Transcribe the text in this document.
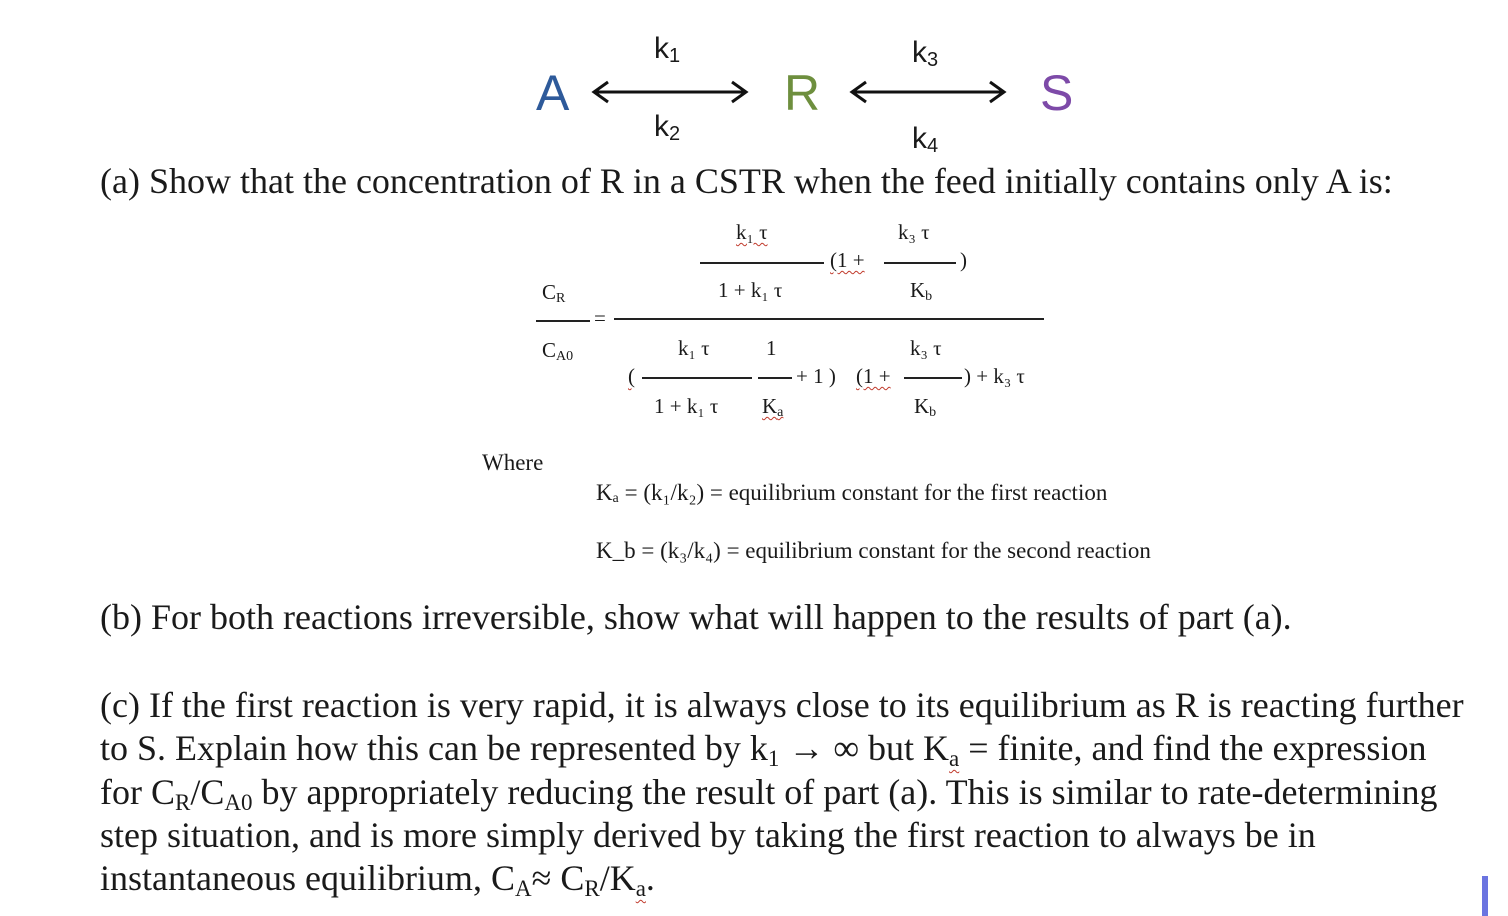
A	R	S
$k_1$
$k_2$
$k_3$
$k_4$
(a) Show that the concentration of R in a CSTR when the feed initially contains only A is:
$C_R$
=
$C_{A0}$
k₁ τ
1 + k₁ τ
(1 +
k₃ τ
$K_b$
)
(
k₁ τ
1 + k₁ τ
1
$K_a$
+ 1 ) (1 +
k₃ τ
$K_b$
) + k₃ τ
Where
Kₐ = (k₁/k₂) = equilibrium constant for the first reaction
K_b = (k₃/k₄) = equilibrium constant for the second reaction
(b) For both reactions irreversible, show what will happen to the results of part (a).
(c) If the first reaction is very rapid, it is always close to its equilibrium as R is reacting further
to S. Explain how this can be represented by $k_1$ → ∞ but $K_a$ = finite, and find the expression
for $C_R/C_{A0}$ by appropriately reducing the result of part (a). This is similar to rate-determining
step situation, and is more simply derived by taking the first reaction to always be in
instantaneous equilibrium, $C_A\approx C_R/K_a$.
